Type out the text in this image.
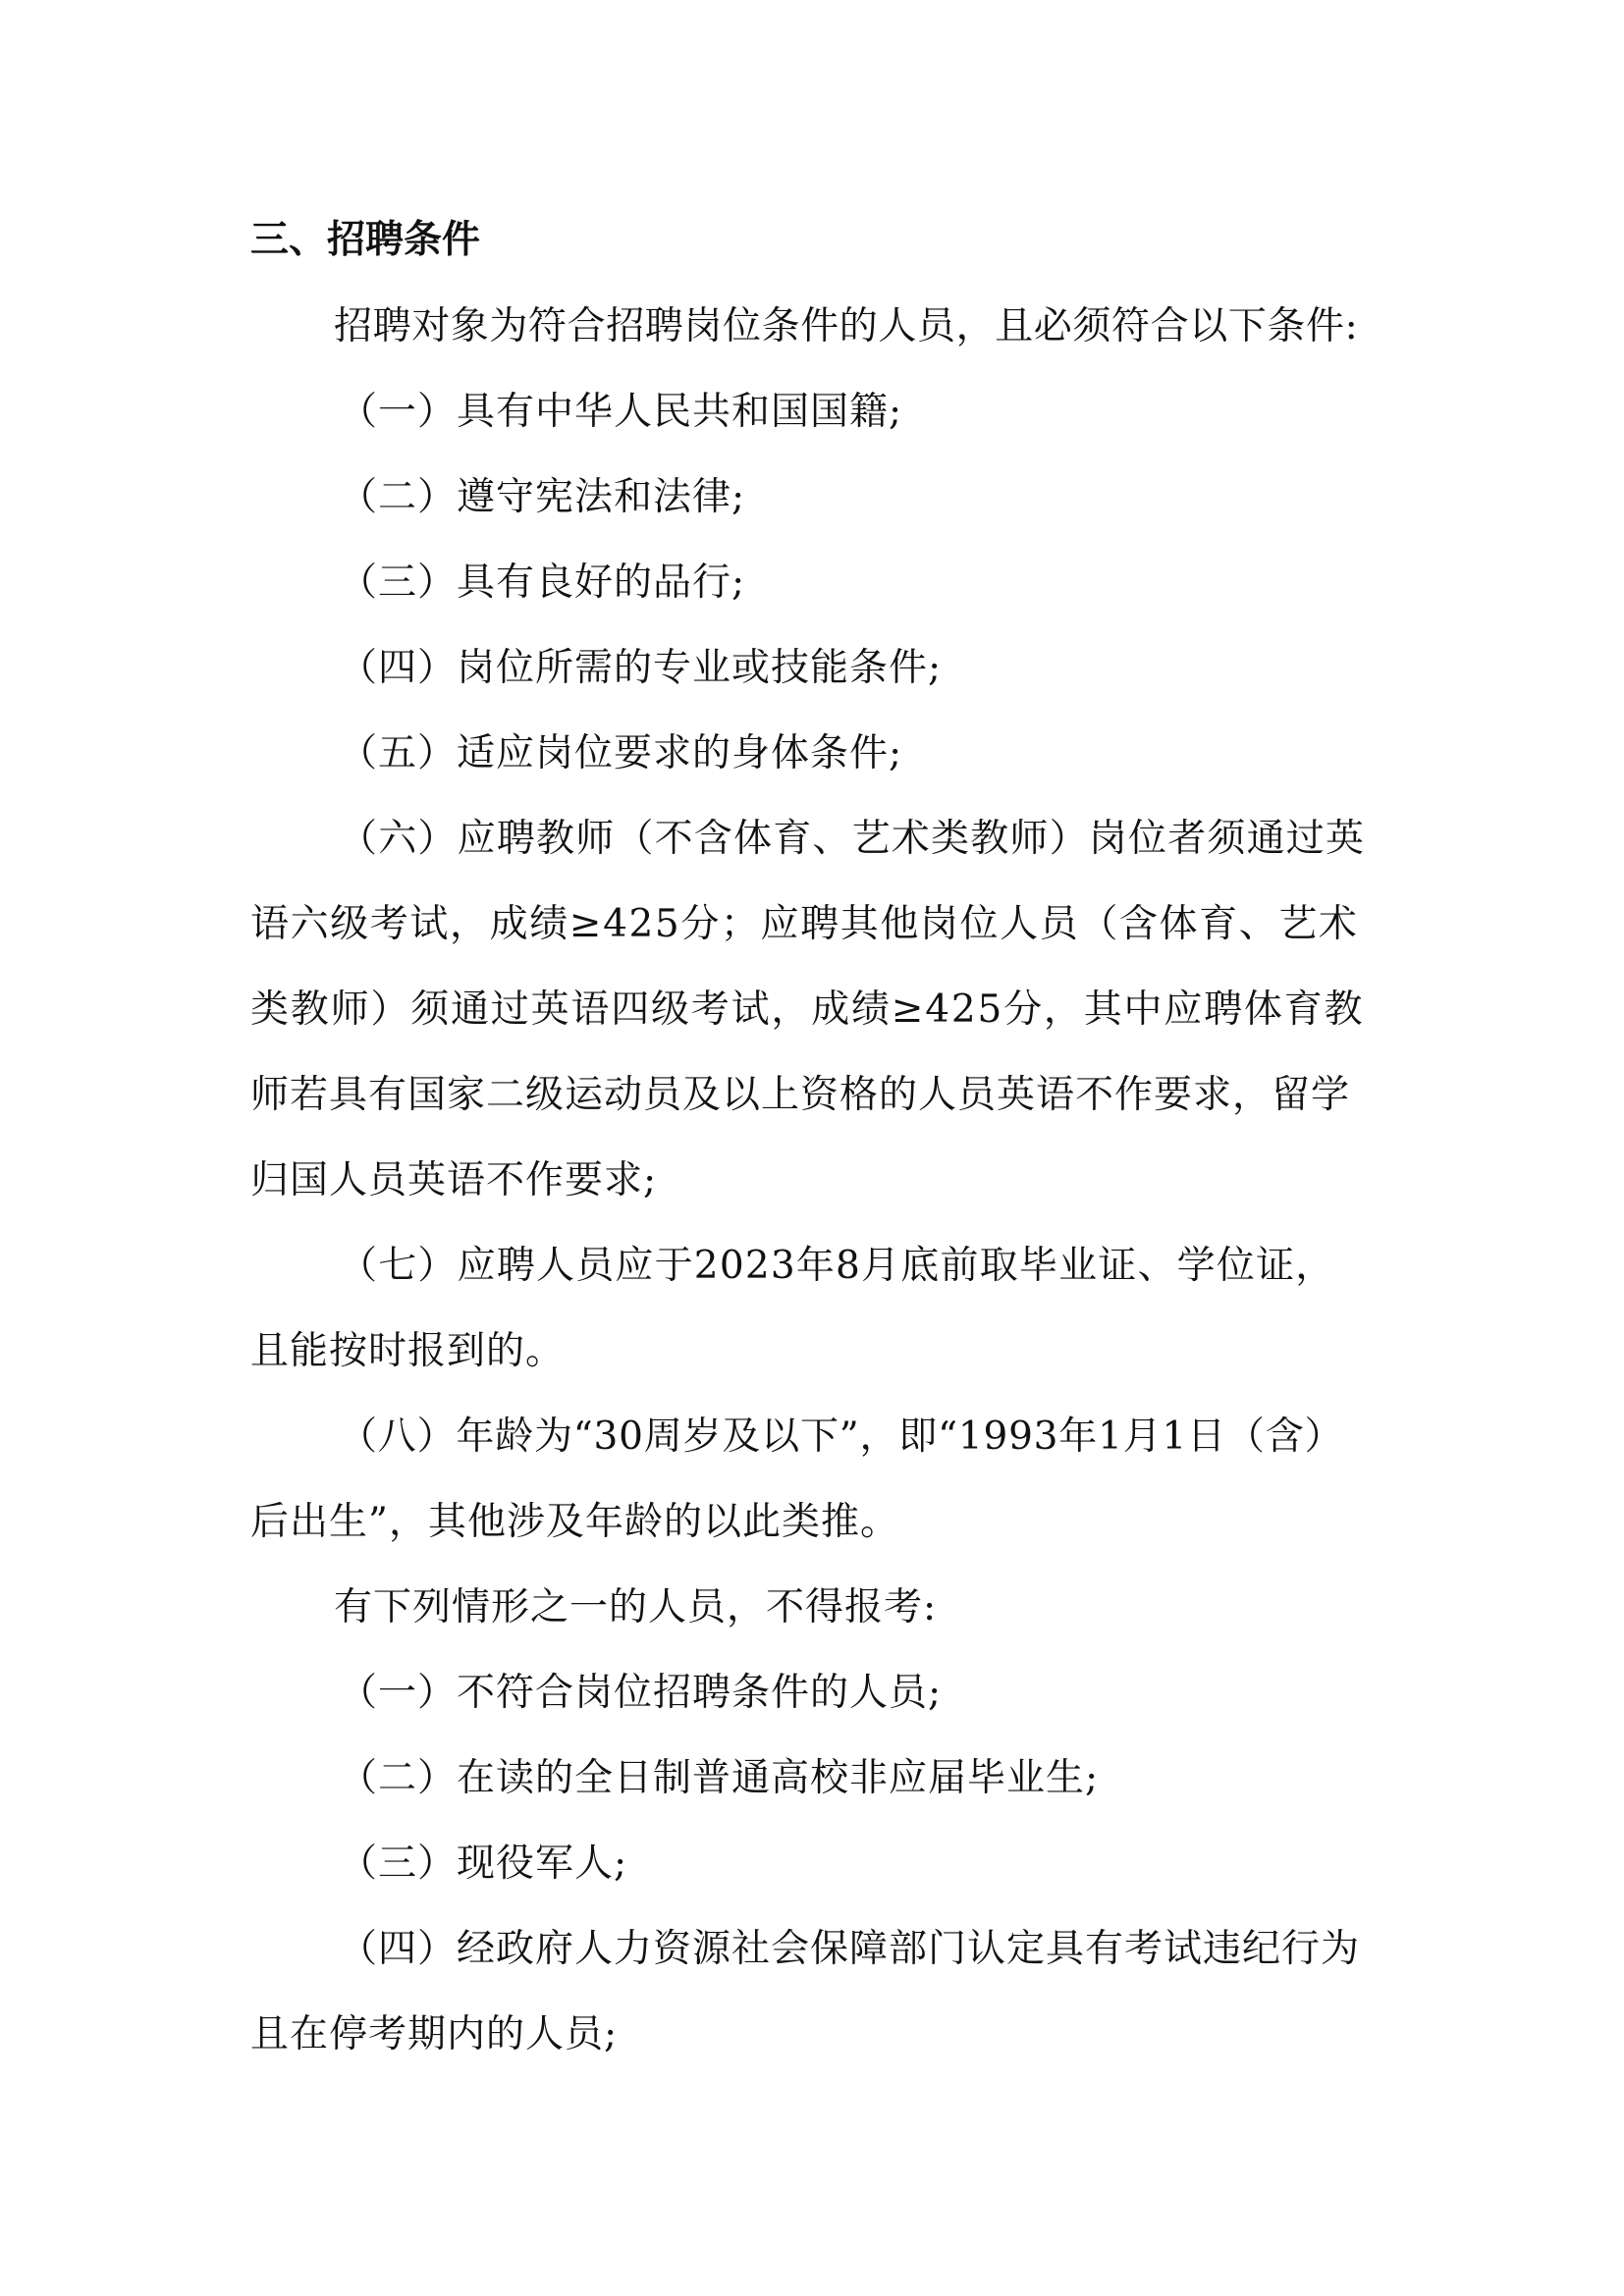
三、招聘条件
招聘对象为符合招聘岗位条件的人员，且必须符合以下条件:
（一）具有中华人民共和国国籍;
（二）遵守宪法和法律;
（三）具有良好的品行;
（四）岗位所需的专业或技能条件;
（五）适应岗位要求的身体条件;
（六）应聘教师（不含体育、艺术类教师）岗位者须通过英
语六级考试，成绩≥425分；应聘其他岗位人员（含体育、艺术
类教师）须通过英语四级考试，成绩≥425分，其中应聘体育教
师若具有国家二级运动员及以上资格的人员英语不作要求，留学
归国人员英语不作要求;
（七）应聘人员应于2023年8月底前取毕业证、学位证，
且能按时报到的。
（八）年龄为“30周岁及以下”，即“1993年1月1日（含）
后出生”，其他涉及年龄的以此类推。
有下列情形之一的人员，不得报考:
（一）不符合岗位招聘条件的人员;
（二）在读的全日制普通高校非应届毕业生;
（三）现役军人;
（四）经政府人力资源社会保障部门认定具有考试违纪行为
且在停考期内的人员;
